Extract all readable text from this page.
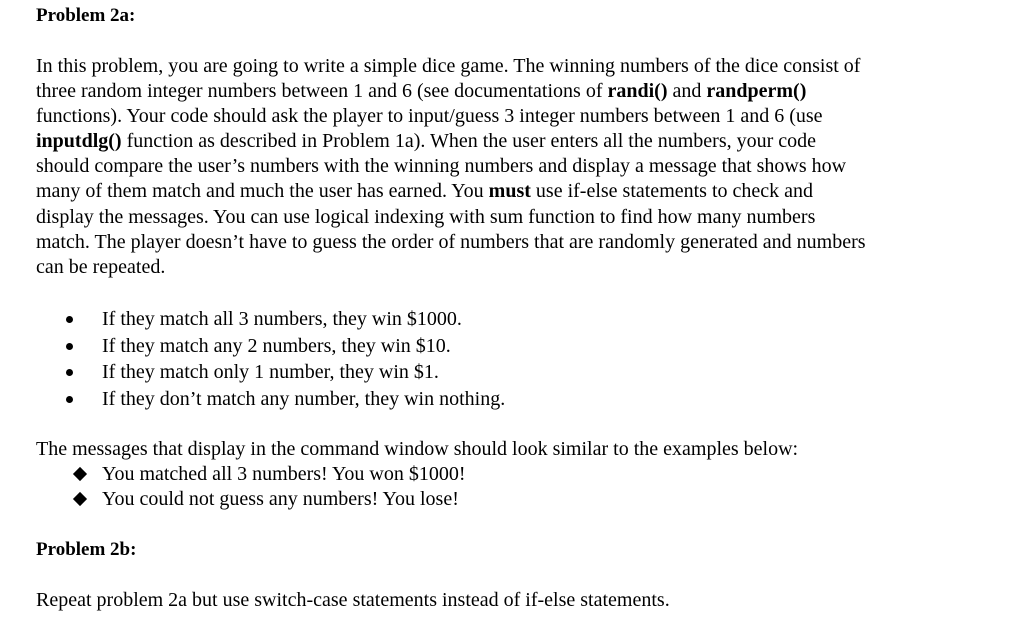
Problem 2a:
In this problem, you are going to write a simple dice game. The winning numbers of the dice consist of
three random integer numbers between 1 and 6 (see documentations of randi() and randperm()
functions). Your code should ask the player to input/guess 3 integer numbers between 1 and 6 (use
inputdlg() function as described in Problem 1a). When the user enters all the numbers, your code
should compare the user’s numbers with the winning numbers and display a message that shows how
many of them match and much the user has earned. You must use if-else statements to check and
display the messages. You can use logical indexing with sum function to find how many numbers
match. The player doesn’t have to guess the order of numbers that are randomly generated and numbers
can be repeated.
If they match all 3 numbers, they win $1000.
If they match any 2 numbers, they win $10.
If they match only 1 number, they win $1.
If they don’t match any number, they win nothing.
The messages that display in the command window should look similar to the examples below:
You matched all 3 numbers! You won $1000!
You could not guess any numbers! You lose!
Problem 2b:
Repeat problem 2a but use switch-case statements instead of if-else statements.
